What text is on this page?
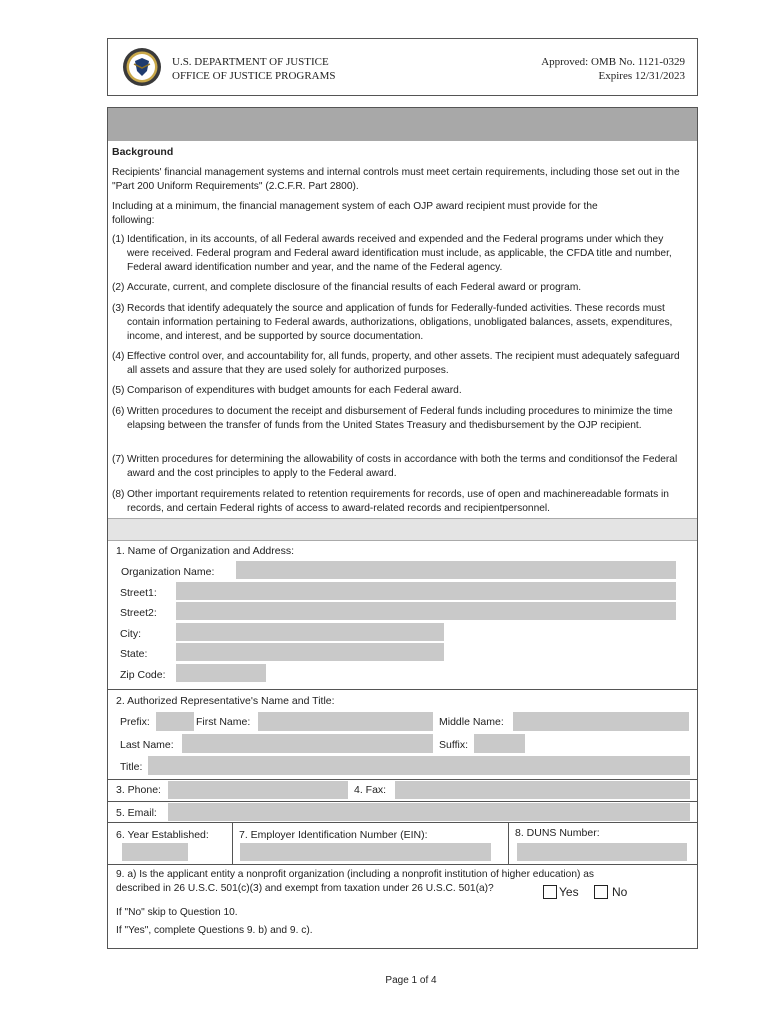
U.S. DEPARTMENT OF JUSTICE
OFFICE OF JUSTICE PROGRAMS
Approved: OMB No. 1121-0329
Expires 12/31/2023
Background
Recipients' financial management systems and internal controls must meet certain requirements, including those set out in the "Part 200 Uniform Requirements" (2.C.F.R. Part 2800).
Including at a minimum, the financial management system of each OJP award recipient must provide for the following:
(1) Identification, in its accounts, of all Federal awards received and expended and the Federal programs under which they were received. Federal program and Federal award identification must include, as applicable, the CFDA title and number, Federal award identification number and year, and the name of the Federal agency.
(2) Accurate, current, and complete disclosure of the financial results of each Federal award or program.
(3) Records that identify adequately the source and application of funds for Federally-funded activities. These records must contain information pertaining to Federal awards, authorizations, obligations, unobligated balances, assets, expenditures, income, and interest, and be supported by source documentation.
(4) Effective control over, and accountability for, all funds, property, and other assets. The recipient must adequately safeguard all assets and assure that they are used solely for authorized purposes.
(5) Comparison of expenditures with budget amounts for each Federal award.
(6) Written procedures to document the receipt and disbursement of Federal funds including procedures to minimize the time elapsing between the transfer of funds from the United States Treasury and thedisbursement by the OJP recipient.
(7) Written procedures for determining the allowability of costs in accordance with both the terms and conditionsof the Federal award and the cost principles to apply to the Federal award.
(8) Other important requirements related to retention requirements for records, use of open and machinereadable formats in records, and certain Federal rights of access to award-related records and recipientpersonnel.
1. Name of Organization and Address:
Organization Name:
Street1:
Street2:
City:
State:
Zip Code:
2. Authorized Representative's Name and Title:
Prefix:	First Name:	Middle Name:
Last Name:	Suffix:
Title:
3. Phone:	4. Fax:
5. Email:
6. Year Established:	7. Employer Identification Number (EIN):	8. DUNS Number:
9. a) Is the applicant entity a nonprofit organization (including a nonprofit institution of higher education) as
described in 26 U.S.C. 501(c)(3) and exempt from taxation under 26 U.S.C. 501(a)?	Yes	No
If "No" skip to Question 10.
If "Yes", complete Questions 9. b) and 9. c).
Page 1 of 4
